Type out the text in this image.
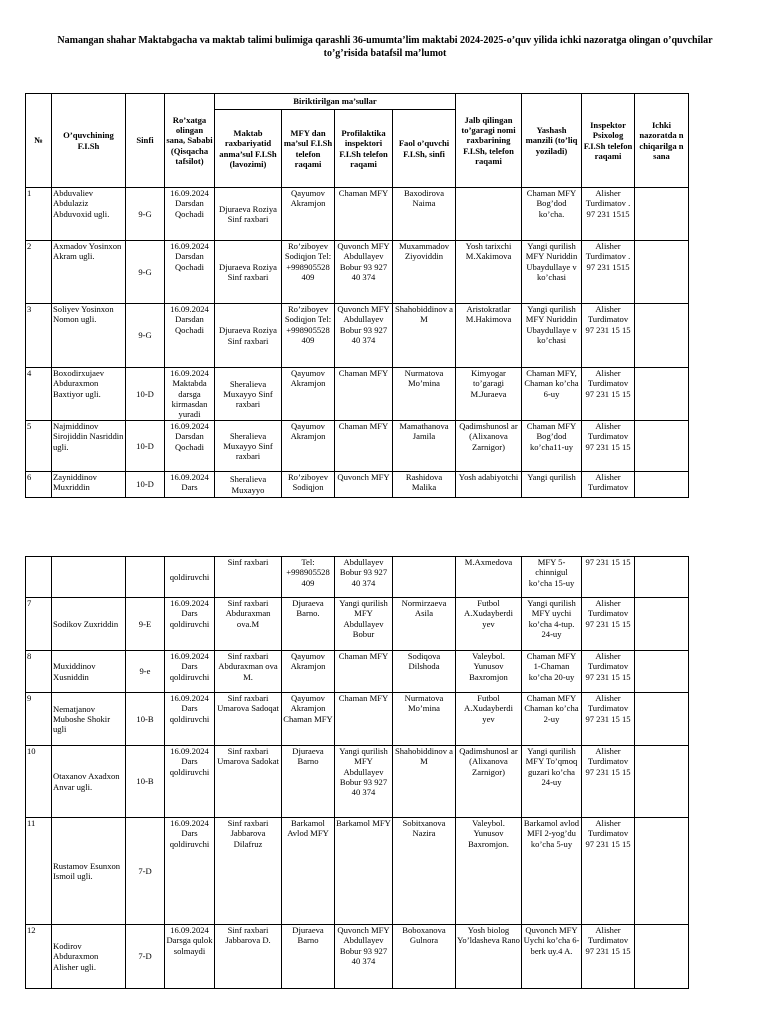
Namangan shahar Maktabgacha va maktab talimi bulimiga qarashli 36-umumta’lim maktabi 2024-2025-o’quv yilida ichki nazoratga olingan o’quvchilar to’g’risida batafsil ma’lumot
№	O’quvchining F.I.Sh	Sinfi	Ro’xatga olingan sana, Sababi (Qisqacha tafsilot)	Biriktirilgan ma’sullar				Jalb qilingan to’garagi nomi raxbarining F.I.Sh, telefon raqami	Yashash manzili (to’liq yoziladi)	Inspektor Psixolog F.I.Sh telefon raqami	Ichki nazoratda n chiqarilga n sana
				Maktab raxbariyatid anma’sul F.I.Sh (lavozimi)	MFY dan ma’sul F.I.Sh telefon raqami	Profilaktika inspektori F.I.Sh telefon raqami	Faol o’quvchi F.I.Sh, sinfi				
1	Abduvaliev Abdulaziz Abduvoxid ugli.	9-G	16.09.2024 Darsdan Qochadi	Djuraeva Roziya Sinf raxbari	Qayumov Akramjon	Chaman MFY	Baxodirova Naima		Chaman MFY Bog’dod ko’cha.	Alisher Turdimatov . 97 231 1515	
2	Axmadov Yosinxon Akram ugli.	9-G	16.09.2024 Darsdan Qochadi	Djuraeva Roziya Sinf raxbari	Ro’ziboyev Sodiqjon Tel: +998905528 409	Quvonch MFY Abdullayev Bobur 93 927 40 374	Muxammadov Ziyoviddin	Yosh tarixchi M.Xakimova	Yangi qurilish MFY Nuriddin Ubaydullaye v ko’chasi	Alisher Turdimatov . 97 231 1515	
3	Soliyev Yosinxon Nomon ugli.	9-G	16.09.2024 Darsdan Qochadi	Djuraeva Roziya Sinf raxbari	Ro’ziboyev Sodiqjon Tel: +998905528 409	Quvonch MFY Abdullayev Bobur 93 927 40 374	Shahobiddinov a M	Aristokratlar M.Hakimova	Yangi qurilish MFY Nuriddin Ubaydullaye v ko’chasi	Alisher Turdimatov 97 231 15 15	
4	Boxodirxujaev Abduraxmon Baxtiyor ugli.	10-D	16.09.2024 Maktabda darsga kirmasdan yuradi	Sheralieva Muxayyo Sinf raxbari	Qayumov Akramjon	Chaman MFY	Nurmatova Mo’mina	Kimyogar to’garagi M.Juraeva	Chaman MFY, Chaman ko’cha 6-uy	Alisher Turdimatov 97 231 15 15	
5	Najmiddinov Sirojiddin Nasriddin ugli.	10-D	16.09.2024 Darsdan Qochadi	Sheralieva Muxayyo Sinf raxbari	Qayumov Akramjon	Chaman MFY	Mamathanova Jamila	Qadimshunosl ar (Alixanova Zarnigor)	Chaman MFY Bog’dod ko’cha11-uy	Alisher Turdimatov 97 231 15 15	
6	Zayniddinov Muxriddin	10-D	16.09.2024 Dars	Sheralieva Muxayyo	Ro’ziboyev Sodiqjon	Quvonch MFY	Rashidova Malika	Yosh adabiyotchi	Yangi qurilish	Alisher Turdimatov	
			qoldiruvchi	Sinf raxbari	Tel: +998905528 409	Abdullayev Bobur 93 927 40 374		M.Axmedova	MFY 5-chinnigul ko’cha 15-uy	97 231 15 15	
7	Sodikov Zuxriddin	9-E	16.09.2024 Dars qoldiruvchi	Sinf raxbari Abduraxman ova.M	Djuraeva Barno.	Yangi qurilish MFY Abdullayev Bobur	Normirzaeva Asila	Futbol A.Xudayberdi yev	Yangi qurilish MFY uychi ko’cha 4-tup. 24-uy	Alisher Turdimatov 97 231 15 15	
8	Muxiddinov Xusniddin	9-e	16.09.2024 Dars qoldiruvchi	Sinf raxbari Abduraxman ova M.	Qayumov Akramjon	Chaman MFY	Sodiqova Dilshoda	Valeybol. Yunusov Baxromjon	Chaman MFY 1-Chaman ko’cha 20-uy	Alisher Turdimatov 97 231 15 15	
9	Nematjanov Muboshe Shokir ugli	10-B	16.09.2024 Dars qoldiruvchi	Sinf raxbari Umarova Sadoqat	Qayumov Akramjon Chaman MFY	Chaman MFY	Nurmatova Mo’mina	Futbol A.Xudayberdi yev	Chaman MFY Chaman ko’cha 2-uy	Alisher Turdimatov 97 231 15 15	
10	Otaxanov Axadxon Anvar ugli.	10-B	16.09.2024 Dars qoldiruvchi	Sinf raxbari Umarova Sadokat	Djuraeva Barno	Yangi qurilish MFY Abdullayev Bobur 93 927 40 374	Shahobiddinov a M	Qadimshunosl ar (Alixanova Zarnigor)	Yangi qurilish MFY To’qmoq guzari ko’cha 24-uy	Alisher Turdimatov 97 231 15 15	
11	Rustamov Esunxon Ismoil ugli.	7-D	16.09.2024 Dars qoldiruvchi	Sinf raxbari Jabbarova Dilafruz	Barkamol Avlod MFY	Barkamol MFY	Sobitxanova Nazira	Valeybol. Yunusov Baxromjon.	Barkamol avlod MFI 2-yog’du ko’cha 5-uy	Alisher Turdimatov 97 231 15 15	
12	Kodirov Abduraxmon Alisher ugli.	7-D	16.09.2024 Darsga qulok solmaydi	Sinf raxbari Jabbarova D.	Djuraeva Barno	Quvonch MFY Abdullayev Bobur 93 927 40 374	Boboxanova Gulnora	Yosh biolog Yo’ldasheva Rano	Quvonch MFY Uychi ko’cha 6-berk uy.4 A.	Alisher Turdimatov 97 231 15 15	
